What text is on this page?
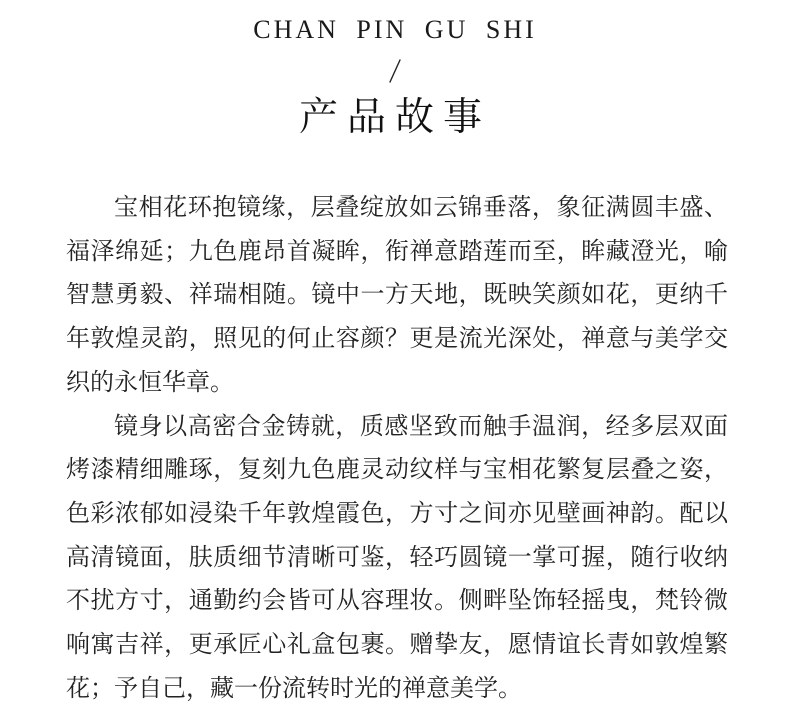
CHAN PIN GU SHI
产品故事

宝相花环抱镜缘，层叠绽放如云锦垂落，象征满圆丰盛、福泽绵延；九色鹿昂首凝眸，衔禅意踏莲而至，眸藏澄光，喻智慧勇毅、祥瑞相随。镜中一方天地，既映笑颜如花，更纳千年敦煌灵韵，照见的何止容颜？更是流光深处，禅意与美学交织的永恒华章。

镜身以高密合金铸就，质感坚致而触手温润，经多层双面烤漆精细雕琢，复刻九色鹿灵动纹样与宝相花繁复层叠之姿，色彩浓郁如浸染千年敦煌霞色，方寸之间亦见壁画神韵。配以高清镜面，肤质细节清晰可鉴，轻巧圆镜一掌可握，随行收纳不扰方寸，通勤约会皆可从容理妆。侧畔坠饰轻摇曳，梵铃微响寓吉祥，更承匠心礼盒包裹。赠挚友，愿情谊长青如敦煌繁花；予自己，藏一份流转时光的禅意美学。
